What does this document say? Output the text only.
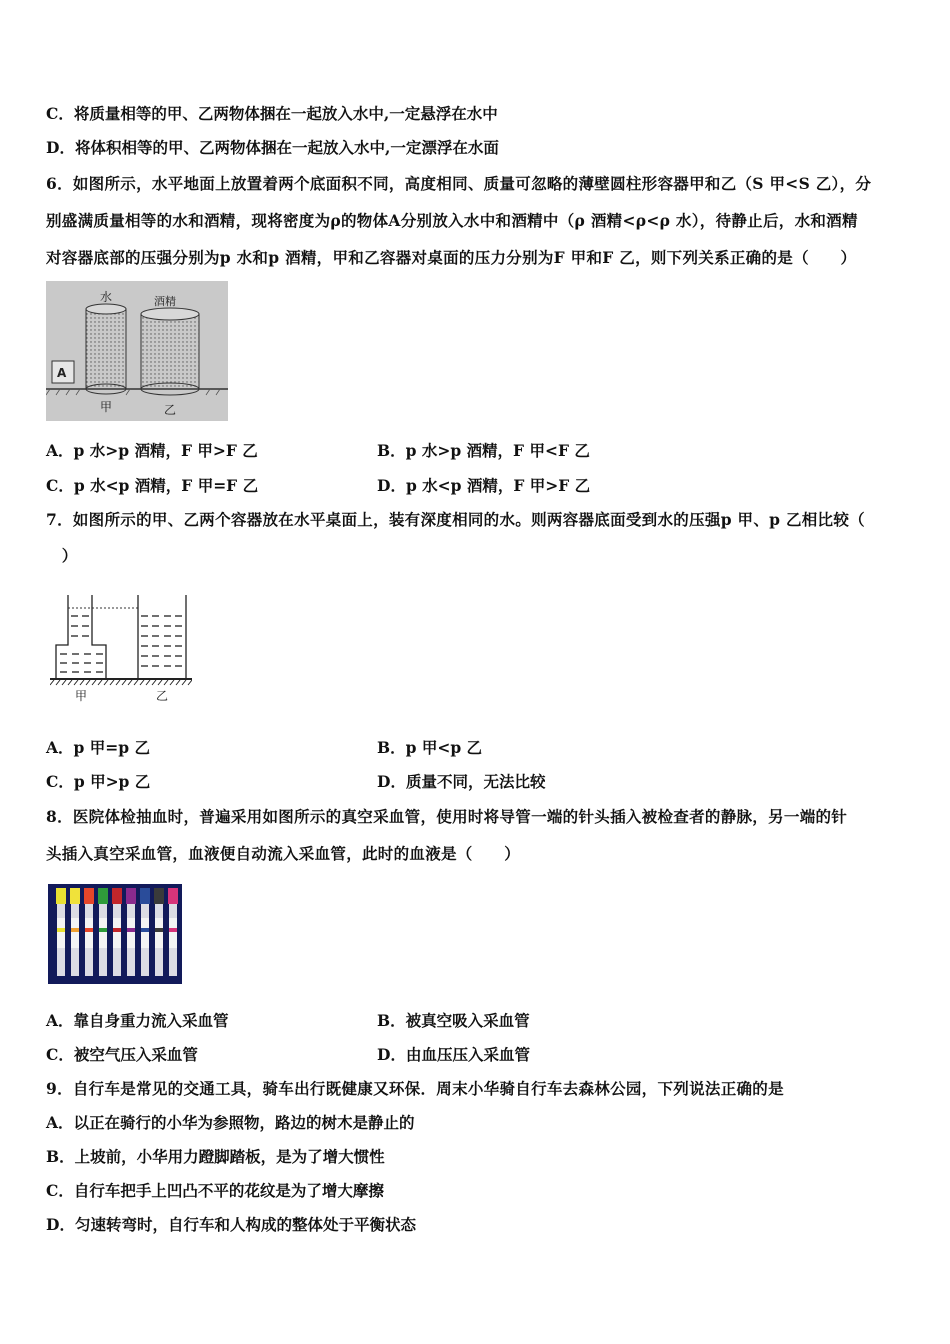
C．将质量相等的甲、乙两物体捆在一起放入水中,一定悬浮在水中
D．将体积相等的甲、乙两物体捆在一起放入水中,一定漂浮在水面
6．如图所示，水平地面上放置着两个底面积不同，高度相同、质量可忽略的薄壁圆柱形容器甲和乙（S 甲<S 乙），分
别盛满质量相等的水和酒精，现将密度为ρ的物体A分别放入水中和酒精中（ρ 酒精<ρ<ρ 水），待静止后，水和酒精
对容器底部的压强分别为p 水和p 酒精，甲和乙容器对桌面的压力分别为F 甲和F 乙，则下列关系正确的是（　　）
水	酒精
A
甲	乙
A．p 水>p 酒精，F 甲>F 乙	B．p 水>p 酒精，F 甲<F 乙
C．p 水<p 酒精，F 甲=F 乙	D．p 水<p 酒精，F 甲>F 乙
7．如图所示的甲、乙两个容器放在水平桌面上，装有深度相同的水。则两容器底面受到水的压强p 甲、p 乙相比较（
　）
甲	乙
A．p 甲=p 乙	B．p 甲<p 乙
C．p 甲>p 乙	D．质量不同，无法比较
8．医院体检抽血时，普遍采用如图所示的真空采血管，使用时将导管一端的针头插入被检查者的静脉，另一端的针
头插入真空采血管，血液便自动流入采血管，此时的血液是（　　）
A．靠自身重力流入采血管	B．被真空吸入采血管
C．被空气压入采血管	D．由血压压入采血管
9．自行车是常见的交通工具，骑车出行既健康又环保．周末小华骑自行车去森林公园，下列说法正确的是
A．以正在骑行的小华为参照物，路边的树木是静止的
B．上坡前，小华用力蹬脚踏板，是为了增大惯性
C．自行车把手上凹凸不平的花纹是为了增大摩擦
D．匀速转弯时，自行车和人构成的整体处于平衡状态
